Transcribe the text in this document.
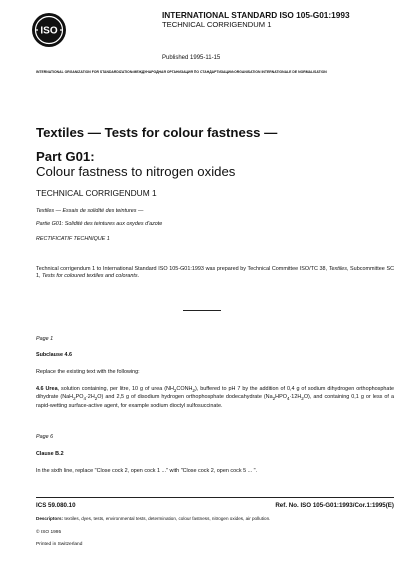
ISO
INTERNATIONAL STANDARD ISO 105-G01:1993
TECHNICAL CORRIGENDUM 1
Published 1995-11-15
INTERNATIONAL ORGANIZATION FOR STANDARDIZATION•МЕЖДУНАРОДНАЯ ОРГАНИЗАЦИЯ ПО СТАНДАРТИЗАЦИИ•ORGANISATION INTERNATIONALE DE NORMALISATION
Textiles — Tests for colour fastness —
Part G01:
Colour fastness to nitrogen oxides
TECHNICAL CORRIGENDUM 1
Textiles — Essais de solidité des teintures —
Partie G01: Solidité des teintures aux oxydes d'azote
RECTIFICATIF TECHNIQUE 1
Technical corrigendum 1 to International Standard ISO 105-G01:1993 was prepared by Technical Committee ISO/TC 38, Textiles, Subcommittee SC 1, Tests for coloured textiles and colorants.
Page 1
Subclause 4.6
Replace the existing text with the following:
4.6 Urea, solution containing, per litre, 10 g of urea $(NH_2CONH_2)$, buffered to pH 7 by the addition of 0,4 g of sodium dihydrogen orthophosphate dihydrate $(NaH_2PO_4\cdot 2H_2O)$ and 2,5 g of disodium hydrogen orthophosphate dodecahydrate $(Na_2HPO_4\cdot 12H_2O)$, and containing 0,1 g or less of a rapid-wetting surface-active agent, for example sodium dioctyl sulfosuccinate.
Page 6
Clause B.2
In the sixth line, replace "Close cock 2, open cock 1 ..." with "Close cock 2, open cock 5 ... ".
ICS 59.080.10	Ref. No. ISO 105-G01:1993/Cor.1:1995(E)
Descriptors: textiles, dyes, tests, environmental tests, determination, colour fastness, nitrogen oxides, air pollution.
© ISO 1995
Printed in Switzerland
